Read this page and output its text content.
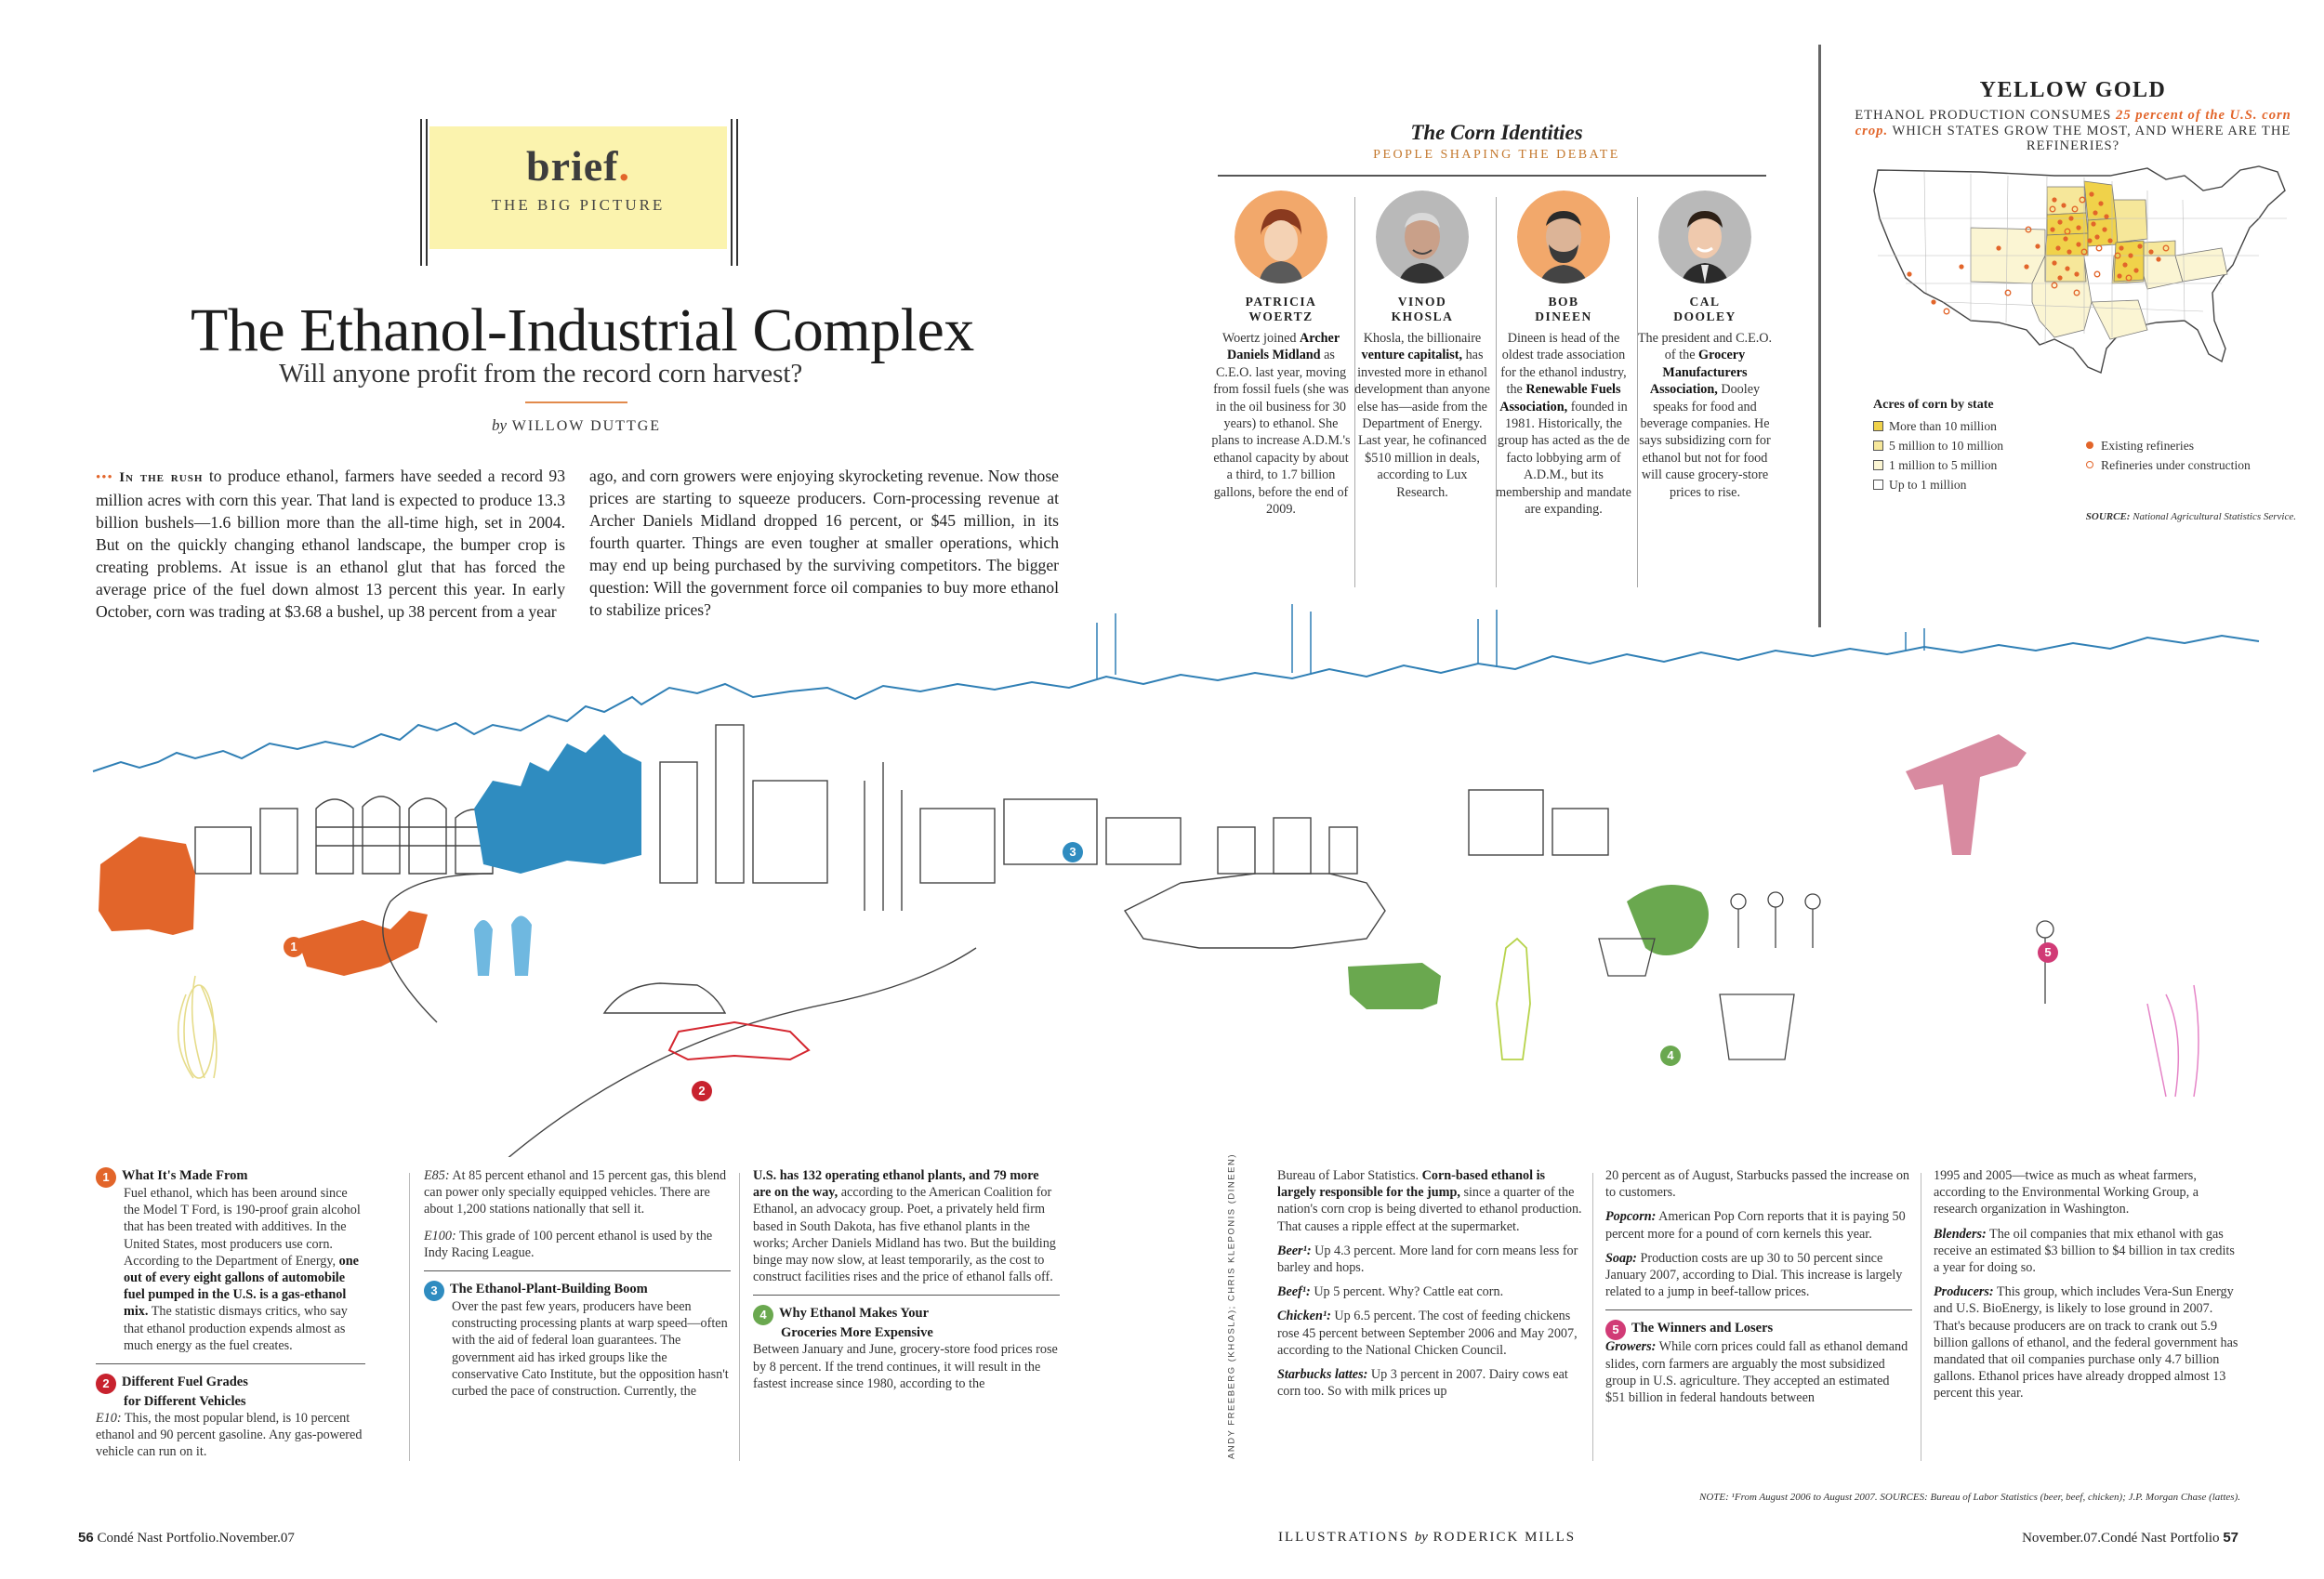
brief.
THE BIG PICTURE
The Ethanol-Industrial Complex
Will anyone profit from the record corn harvest?
by WILLOW DUTTGE
••• In the rush to produce ethanol, farmers have seeded a record 93 million acres with corn this year. That land is expected to produce 13.3 billion bushels—1.6 billion more than the all-time high, set in 2004. But on the quickly changing ethanol landscape, the bumper crop is creating problems. At issue is an ethanol glut that has forced the average price of the fuel down almost 13 percent this year. In early October, corn was trading at $3.68 a bushel, up 38 percent from a year
ago, and corn growers were enjoying skyrocketing revenue. Now those prices are starting to squeeze producers. Corn-processing revenue at Archer Daniels Midland dropped 16 percent, or $45 million, in its fourth quarter. Things are even tougher at smaller operations, which may end up being purchased by the surviving competitors. The bigger question: Will the government force oil companies to buy more ethanol to stabilize prices?
The Corn Identities
PEOPLE SHAPING THE DEBATE
PATRICIA
WOERTZ
Woertz joined Archer Daniels Midland as C.E.O. last year, moving from fossil fuels (she was in the oil business for 30 years) to ethanol. She plans to increase A.D.M.'s ethanol capacity by about a third, to 1.7 billion gallons, before the end of 2009.
VINOD
KHOSLA
Khosla, the billionaire venture capitalist, has invested more in ethanol development than anyone else has—aside from the Department of Energy. Last year, he cofinanced $510 million in deals, according to Lux Research.
BOB
DINEEN
Dineen is head of the oldest trade association for the ethanol industry, the Renewable Fuels Association, founded in 1981. Historically, the group has acted as the de facto lobbying arm of A.D.M., but its membership and mandate are expanding.
CAL
DOOLEY
The president and C.E.O. of the Grocery Manufacturers Association, Dooley speaks for food and beverage companies. He says subsidizing corn for ethanol but not for food will cause grocery-store prices to rise.
YELLOW GOLD
ETHANOL PRODUCTION CONSUMES 25 percent of the U.S. corn crop. WHICH STATES GROW THE MOST, AND WHERE ARE THE REFINERIES?
Acres of corn by state
More than 10 million
5 million to 10 million
1 million to 5 million
Up to 1 million
Existing refineries
Refineries under construction
SOURCE: National Agricultural Statistics Service.
1
2
3
4
5
1 What It's Made From
Fuel ethanol, which has been around since the Model T Ford, is 190-proof grain alcohol that has been treated with additives. In the United States, most producers use corn. According to the Department of Energy, one out of every eight gallons of automobile fuel pumped in the U.S. is a gas-ethanol mix. The statistic dismays critics, who say that ethanol production expends almost as much energy as the fuel creates.
2 Different Fuel Grades
for Different Vehicles
E10: This, the most popular blend, is 10 percent ethanol and 90 percent gasoline. Any gas-powered vehicle can run on it.
E85: At 85 percent ethanol and 15 percent gas, this blend can power only specially equipped vehicles. There are about 1,200 stations nationally that sell it.
E100: This grade of 100 percent ethanol is used by the Indy Racing League.
3 The Ethanol-Plant-Building Boom
Over the past few years, producers have been constructing processing plants at warp speed—often with the aid of federal loan guarantees. The government aid has irked groups like the conservative Cato Institute, but the opposition hasn't curbed the pace of construction. Currently, the
U.S. has 132 operating ethanol plants, and 79 more are on the way, according to the American Coalition for Ethanol, an advocacy group. Poet, a privately held firm based in South Dakota, has five ethanol plants in the works; Archer Daniels Midland has two. But the building binge may now slow, at least temporarily, as the cost to construct facilities rises and the price of ethanol falls off.
4 Why Ethanol Makes Your
Groceries More Expensive
Between January and June, grocery-store food prices rose by 8 percent. If the trend continues, it will result in the fastest increase since 1980, according to the	ANDY FREEBERG (KHOSLA); CHRIS KLEPONIS (DINEEN)	Bureau of Labor Statistics. Corn-based ethanol is largely responsible for the jump, since a quarter of the nation's corn crop is being diverted to ethanol production. That causes a ripple effect at the supermarket.
Beer¹: Up 4.3 percent. More land for corn means less for barley and hops.
Beef¹: Up 5 percent. Why? Cattle eat corn.
Chicken¹: Up 6.5 percent. The cost of feeding chickens rose 45 percent between September 2006 and May 2007, according to the National Chicken Council.
Starbucks lattes: Up 3 percent in 2007. Dairy cows eat corn too. So with milk prices up
20 percent as of August, Starbucks passed the increase on to customers.
Popcorn: American Pop Corn reports that it is paying 50 percent more for a pound of corn kernels this year.
Soap: Production costs are up 30 to 50 percent since January 2007, according to Dial. This increase is largely related to a jump in beef-tallow prices.
5 The Winners and Losers
Growers: While corn prices could fall as ethanol demand slides, corn farmers are arguably the most subsidized group in U.S. agriculture. They accepted an estimated $51 billion in federal handouts between
1995 and 2005—twice as much as wheat farmers, according to the Environmental Working Group, a research organization in Washington.
Blenders: The oil companies that mix ethanol with gas receive an estimated $3 billion to $4 billion in tax credits a year for doing so.
Producers: This group, which includes Vera-Sun Energy and U.S. BioEnergy, is likely to lose ground in 2007. That's because producers are on track to crank out 5.9 billion gallons of ethanol, and the federal government has mandated that oil companies purchase only 4.7 billion gallons. Ethanol prices have already dropped almost 13 percent this year.
NOTE: ¹From August 2006 to August 2007. SOURCES: Bureau of Labor Statistics (beer, beef, chicken); J.P. Morgan Chase (lattes).
56 Condé Nast Portfolio.November.07	ILLUSTRATIONS by RODERICK MILLS	November.07.Condé Nast Portfolio 57
